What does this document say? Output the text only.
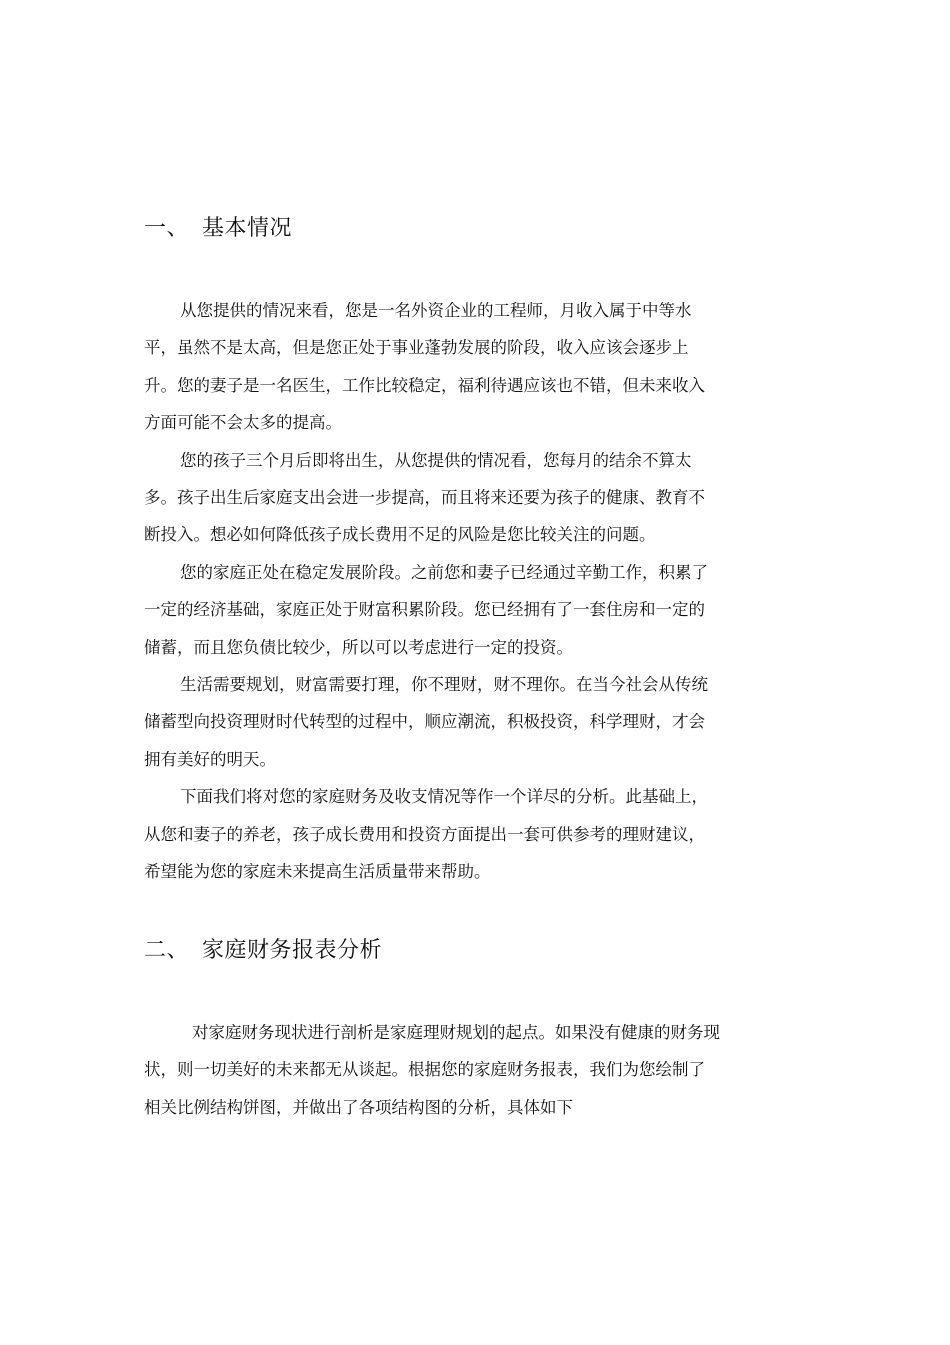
一、 基本情况

从您提供的情况来看，您是一名外资企业的工程师，月收入属于中等水
平，虽然不是太高，但是您正处于事业蓬勃发展的阶段，收入应该会逐步上
升。您的妻子是一名医生，工作比较稳定，福利待遇应该也不错，但未来收入
方面可能不会太多的提高。

您的孩子三个月后即将出生，从您提供的情况看，您每月的结余不算太
多。孩子出生后家庭支出会进一步提高，而且将来还要为孩子的健康、教育不
断投入。想必如何降低孩子成长费用不足的风险是您比较关注的问题。

您的家庭正处在稳定发展阶段。之前您和妻子已经通过辛勤工作，积累了
一定的经济基础，家庭正处于财富积累阶段。您已经拥有了一套住房和一定的
储蓄，而且您负债比较少，所以可以考虑进行一定的投资。

生活需要规划，财富需要打理，你不理财，财不理你。在当今社会从传统
储蓄型向投资理财时代转型的过程中，顺应潮流，积极投资，科学理财，才会
拥有美好的明天。

下面我们将对您的家庭财务及收支情况等作一个详尽的分析。此基础上，
从您和妻子的养老，孩子成长费用和投资方面提出一套可供参考的理财建议，
希望能为您的家庭未来提高生活质量带来帮助。

二、 家庭财务报表分析

对家庭财务现状进行剖析是家庭理财规划的起点。如果没有健康的财务现
状，则一切美好的未来都无从谈起。根据您的家庭财务报表，我们为您绘制了
相关比例结构饼图，并做出了各项结构图的分析，具体如下
